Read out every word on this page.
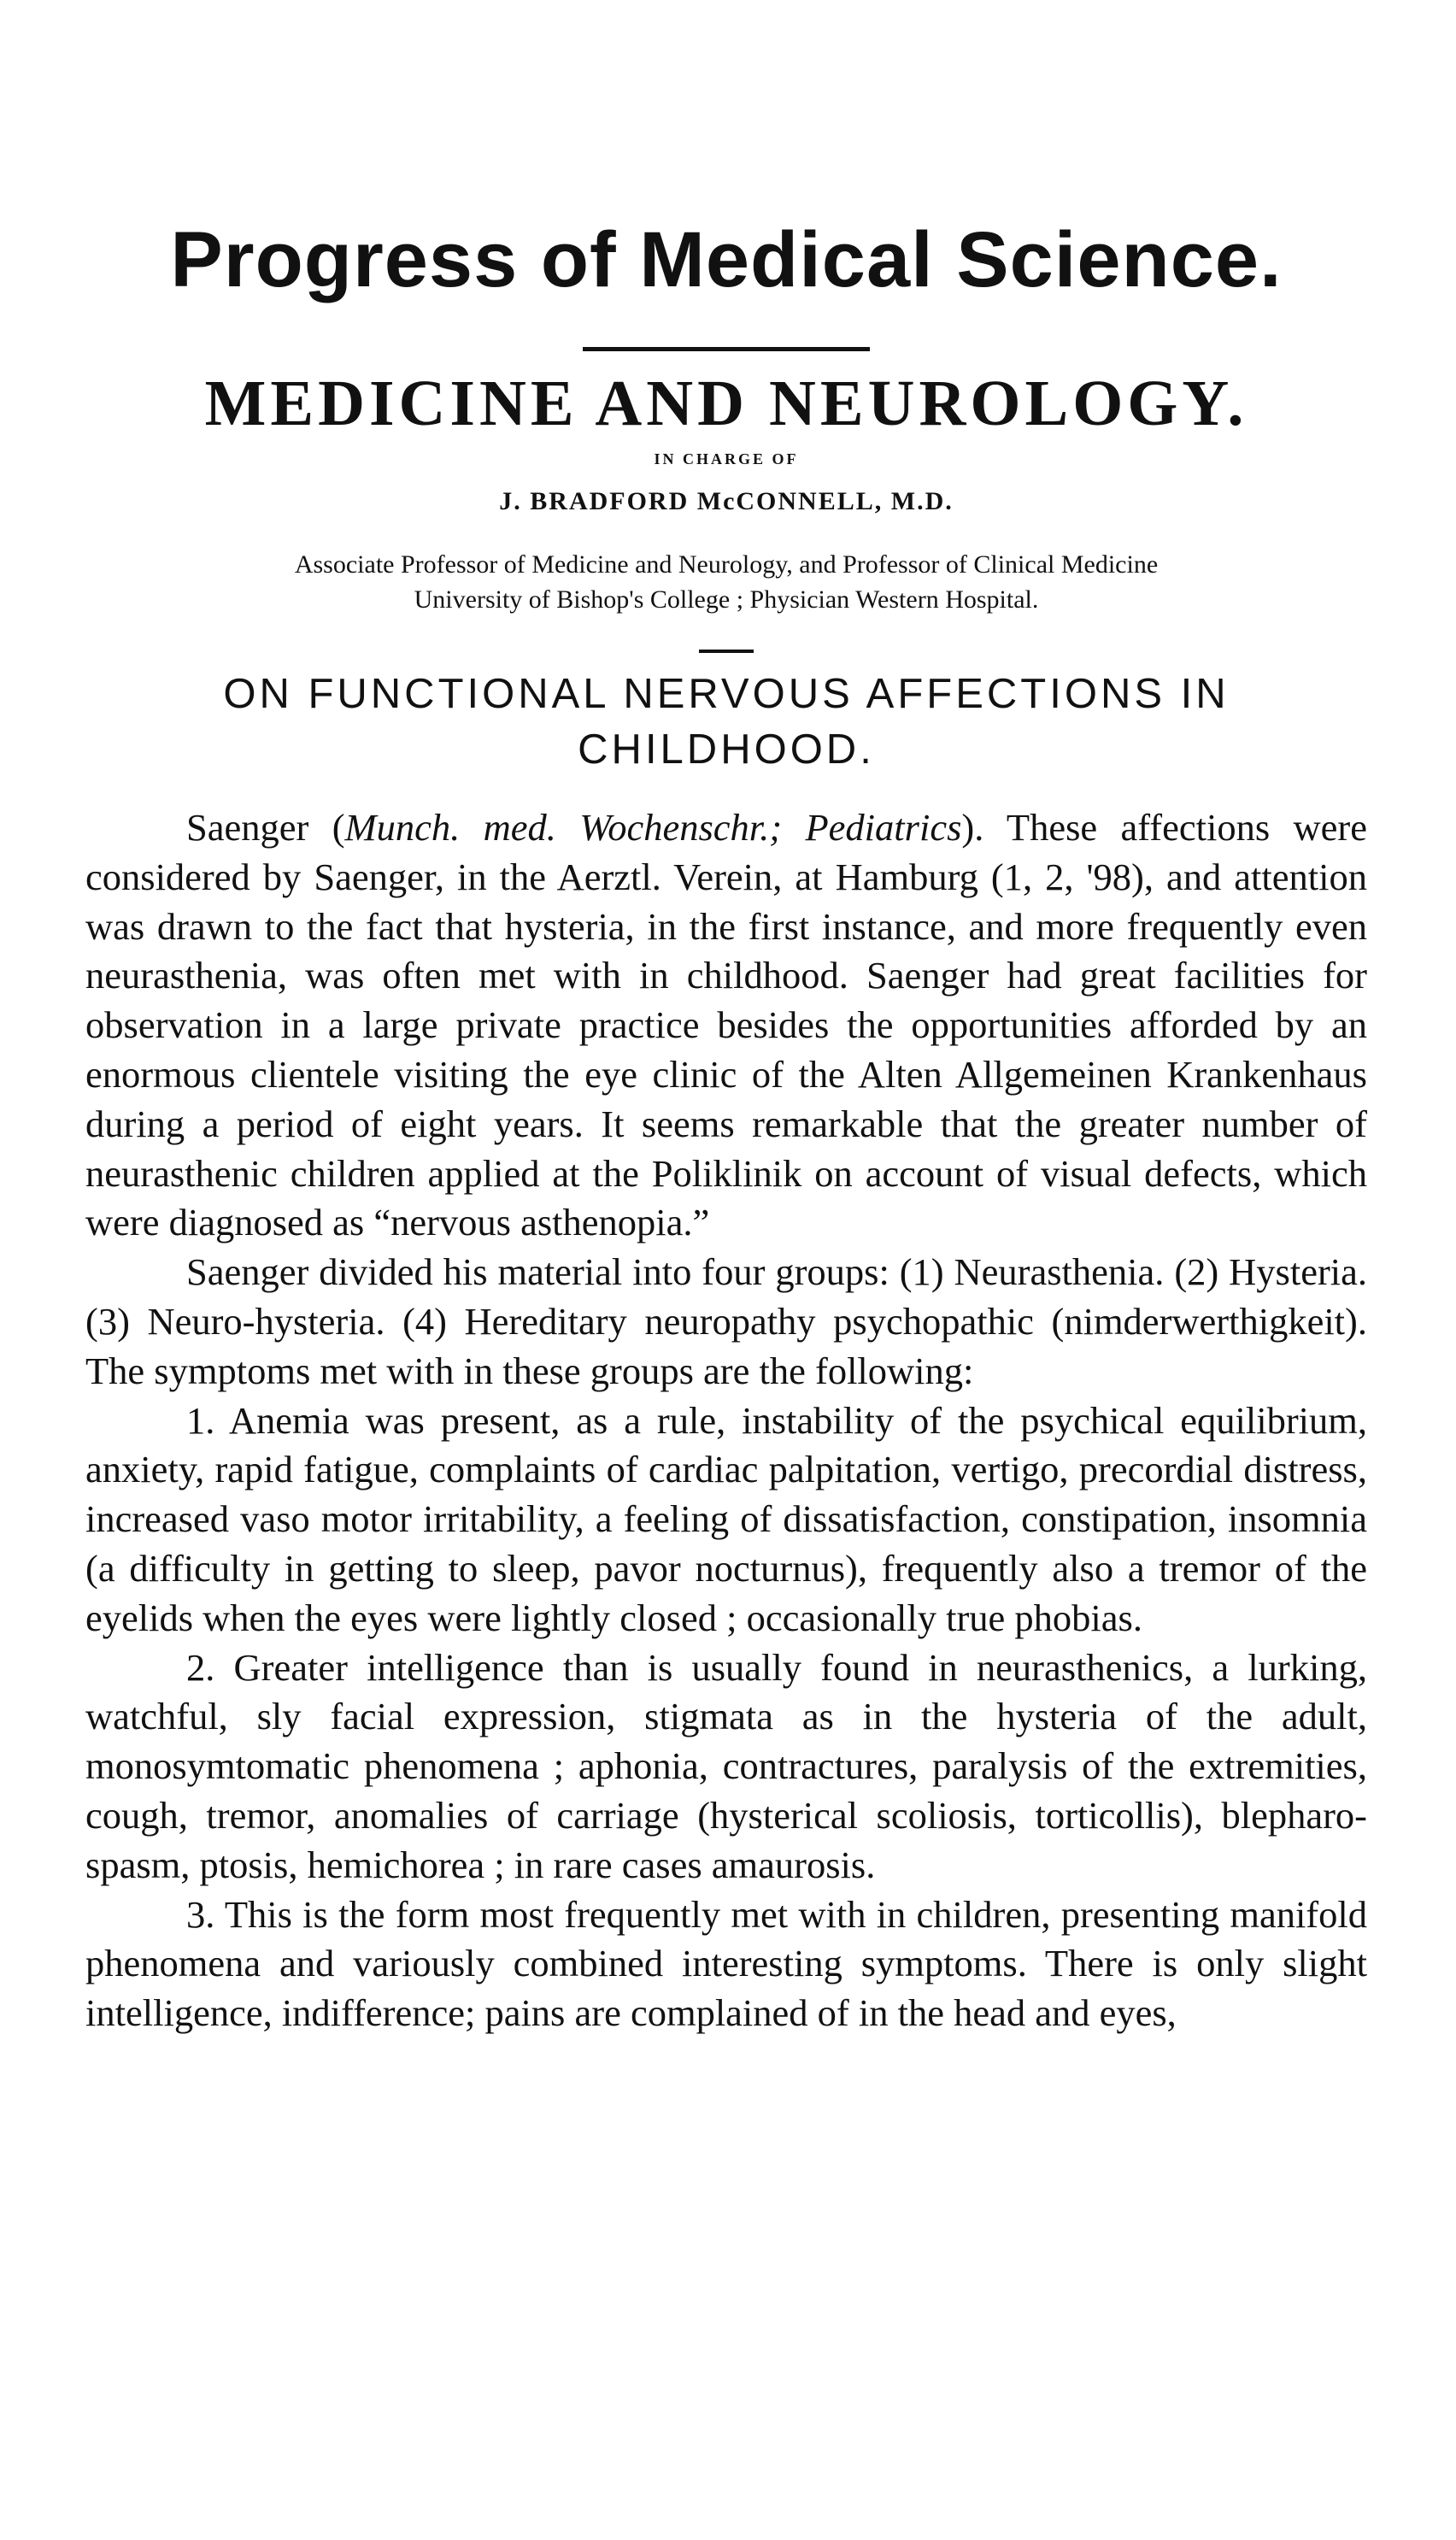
Progress of Medical Science.
MEDICINE AND NEUROLOGY.
IN CHARGE OF
J. BRADFORD McCONNELL, M.D.
Associate Professor of Medicine and Neurology, and Professor of Clinical Medicine
University of Bishop's College ; Physician Western Hospital.
ON FUNCTIONAL NERVOUS AFFECTIONS IN
CHILDHOOD.

Saenger (Munch. med. Wochenschr.; Pediatrics). These affections were considered by Saenger, in the Aerztl. Verein, at Hamburg (1, 2, '98), and attention was drawn to the fact that hysteria, in the first instance, and more frequently even neurasthenia, was often met with in childhood. Saenger had great facilities for observation in a large private practice besides the opportunities afforded by an enormous clientele visiting the eye clinic of the Alten Allgemeinen Krankenhaus during a period of eight years. It seems remarkable that the greater number of neurasthenic children applied at the Poliklinik on account of visual defects, which were diagnosed as “nervous asthenopia.”

Saenger divided his material into four groups: (1) Neurasthenia. (2) Hysteria. (3) Neuro-hysteria. (4) Hereditary neuropathy psychopathic (nimderwerthigkeit). The symptoms met with in these groups are the following:

1. Anemia was present, as a rule, instability of the psychical equilibrium, anxiety, rapid fatigue, complaints of cardiac palpitation, vertigo, precordial distress, increased vaso motor irritability, a feeling of dissatisfaction, constipation, insomnia (a difficulty in getting to sleep, pavor nocturnus), frequently also a tremor of the eyelids when the eyes were lightly closed ; occasionally true phobias.

2. Greater intelligence than is usually found in neurasthenics, a lurking, watchful, sly facial expression, stigmata as in the hysteria of the adult, monosymtomatic phenomena ; aphonia, contractures, paralysis of the extremities, cough, tremor, anomalies of carriage (hysterical scoliosis, torticollis), blepharo-spasm, ptosis, hemichorea ; in rare cases amaurosis.

3. This is the form most frequently met with in children, presenting manifold phenomena and variously combined interesting symptoms. There is only slight intelligence, indifference; pains are complained of in the head and eyes,
